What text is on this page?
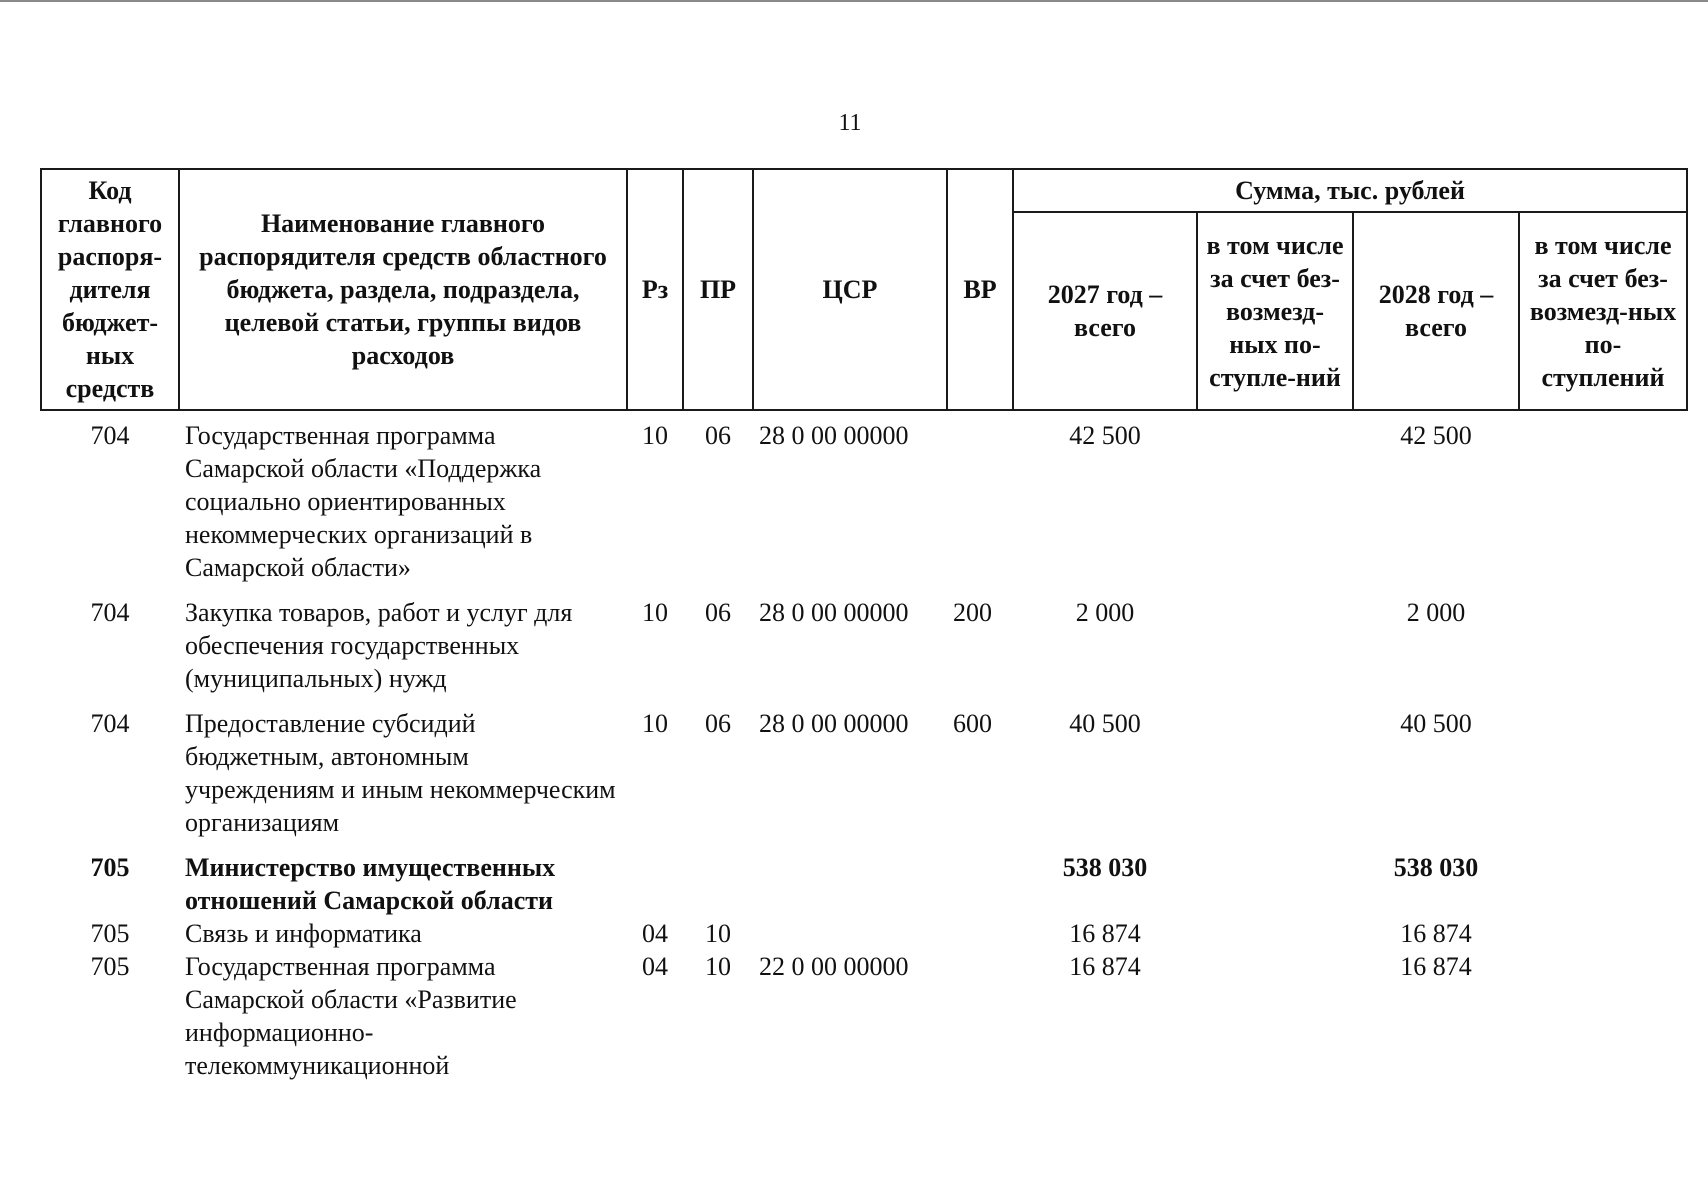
11
Код главного распоря-дителя бюджет-ных средств	Наименование главного распорядителя средств областного бюджета, раздела, подраздела, целевой статьи, группы видов расходов	Рз	ПР	ЦСР	ВР	Сумма, тыс. рублей			
						2027 год – всего	в том числе за счет без-возмезд-ных по-ступле-ний	2028 год – всего	в том числе за счет без-возмезд-ных по-ступлений
704	Государственная программа Самарской области «Поддержка социально ориентированных некоммерческих организаций в Самарской области»	10	06	28 0 00 00000		42 500		42 500	
704	Закупка товаров, работ и услуг для обеспечения государственных (муниципальных) нужд	10	06	28 0 00 00000	200	2 000		2 000	
704	Предоставление субсидий бюджетным, автономным учреждениям и иным некоммерческим организациям	10	06	28 0 00 00000	600	40 500		40 500	
705	Министерство имущественных отношений Самарской области					538 030		538 030	
705	Связь и информатика	04	10			16 874		16 874	
705	Государственная программа Самарской области «Развитие информационно-телекоммуникационной	04	10	22 0 00 00000		16 874		16 874	
